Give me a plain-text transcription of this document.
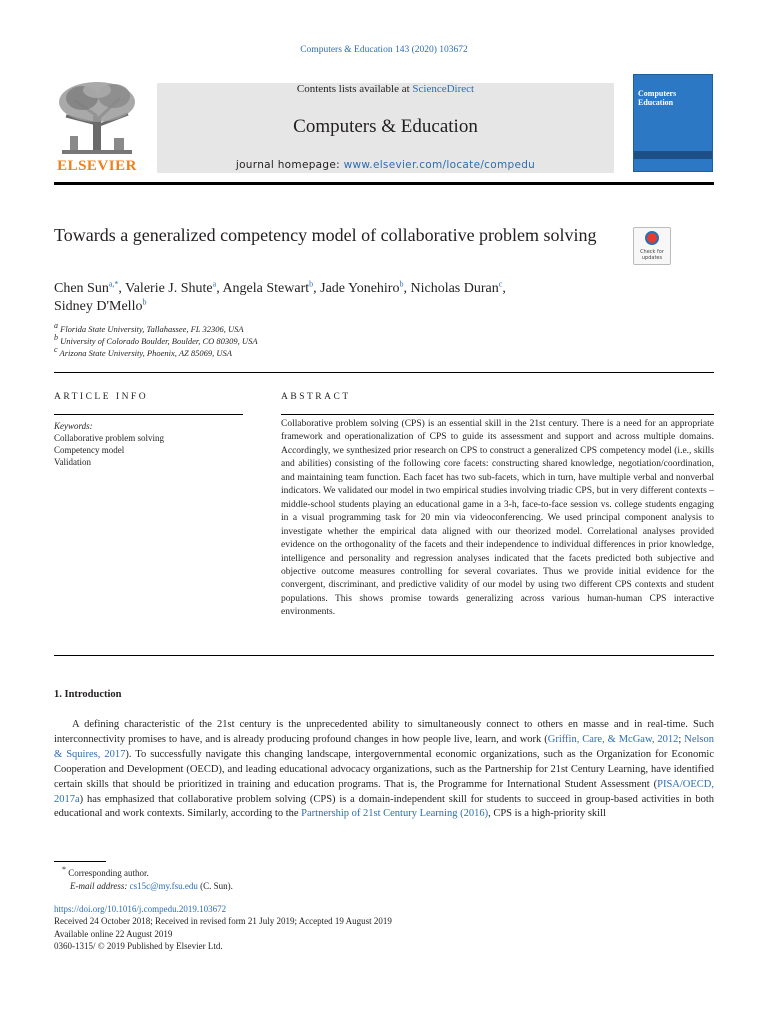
Computers & Education 143 (2020) 103672
ELSEVIER
Contents lists available at ScienceDirect
Computers & Education
journal homepage: www.elsevier.com/locate/compedu
Computers
Education
Towards a generalized competency model of collaborative problem solving
Check for
updates
Chen Sun$^{a,*}$, Valerie J. Shute$^a$, Angela Stewart$^b$, Jade Yonehiro$^b$, Nicholas Duran$^c$,
Sidney D'Mello$^b$
$^a$ Florida State University, Tallahassee, FL 32306, USA
$^b$ University of Colorado Boulder, Boulder, CO 80309, USA
$^c$ Arizona State University, Phoenix, AZ 85069, USA
ARTICLE INFO	ABSTRACT
Keywords:
Collaborative problem solving
Competency model
Validation
Collaborative problem solving (CPS) is an essential skill in the 21st century. There is a need for an appropriate framework and operationalization of CPS to guide its assessment and support and across multiple domains. Accordingly, we synthesized prior research on CPS to construct a generalized CPS competency model (i.e., skills and abilities) consisting of the following core facets: constructing shared knowledge, negotiation/coordination, and maintaining team function. Each facet has two sub-facets, which in turn, have multiple verbal and nonverbal indicators. We validated our model in two empirical studies involving triadic CPS, but in very different contexts – middle-school students playing an educational game in a 3-h, face-to-face session vs. college students engaging in a visual programming task for 20 min via videoconferencing. We used principal component analysis to investigate whether the empirical data aligned with our theorized model. Correlational analyses provided evidence on the orthogonality of the facets and their independence to individual differences in prior knowledge, intelligence and personality and regression analyses indicated that the facets predicted both subjective and objective outcome measures controlling for several covariates. Thus we provide initial evidence for the convergent, discriminant, and predictive validity of our model by using two different CPS contexts and student populations. This shows promise towards generalizing across various human-human CPS interactive environments.
1. Introduction
A defining characteristic of the 21st century is the unprecedented ability to simultaneously connect to others en masse and in real-time. Such interconnectivity promises to have, and is already producing profound changes in how people live, learn, and work (Griffin, Care, & McGaw, 2012; Nelson & Squires, 2017). To successfully navigate this changing landscape, intergovernmental economic organizations, such as the Organization for Economic Cooperation and Development (OECD), and leading educational advocacy organizations, such as the Partnership for 21st Century Learning, have identified certain skills that should be prioritized in training and education programs. That is, the Programme for International Student Assessment (PISA/OECD, 2017a) has emphasized that collaborative problem solving (CPS) is a domain-independent skill for students to succeed in group-based activities in both educational and work contexts. Similarly, according to the Partnership of 21st Century Learning (2016), CPS is a high-priority skill
* Corresponding author.
E-mail address: cs15c@my.fsu.edu (C. Sun).
https://doi.org/10.1016/j.compedu.2019.103672
Received 24 October 2018; Received in revised form 21 July 2019; Accepted 19 August 2019
Available online 22 August 2019
0360-1315/ © 2019 Published by Elsevier Ltd.
